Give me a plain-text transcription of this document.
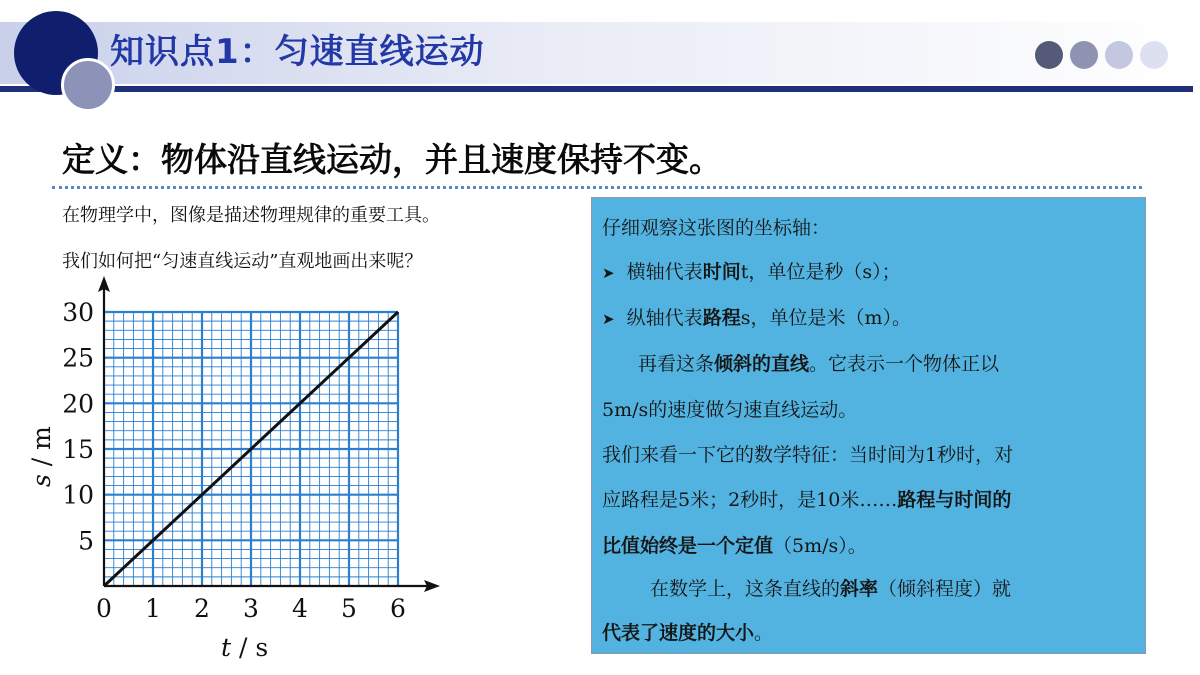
知识点1：匀速直线运动
定义：物体沿直线运动，并且速度保持不变。
在物理学中，图像是描述物理规律的重要工具。
我们如何把“匀速直线运动”直观地画出来呢？
仔细观察这张图的坐标轴：
➤ 横轴代表时间t，单位是秒（s）；
➤ 纵轴代表路程s，单位是米（m）。
再看这条倾斜的直线。它表示一个物体正以
5m/s的速度做匀速直线运动。
我们来看一下它的数学特征：当时间为1秒时，对
应路程是5米；2秒时，是10米……路程与时间的
比值始终是一个定值（5m/s）。
在数学上，这条直线的斜率（倾斜程度）就
代表了速度的大小。
0 1 2 3 4 5 6
5
10
15
20
25
30
t / s
s / m
